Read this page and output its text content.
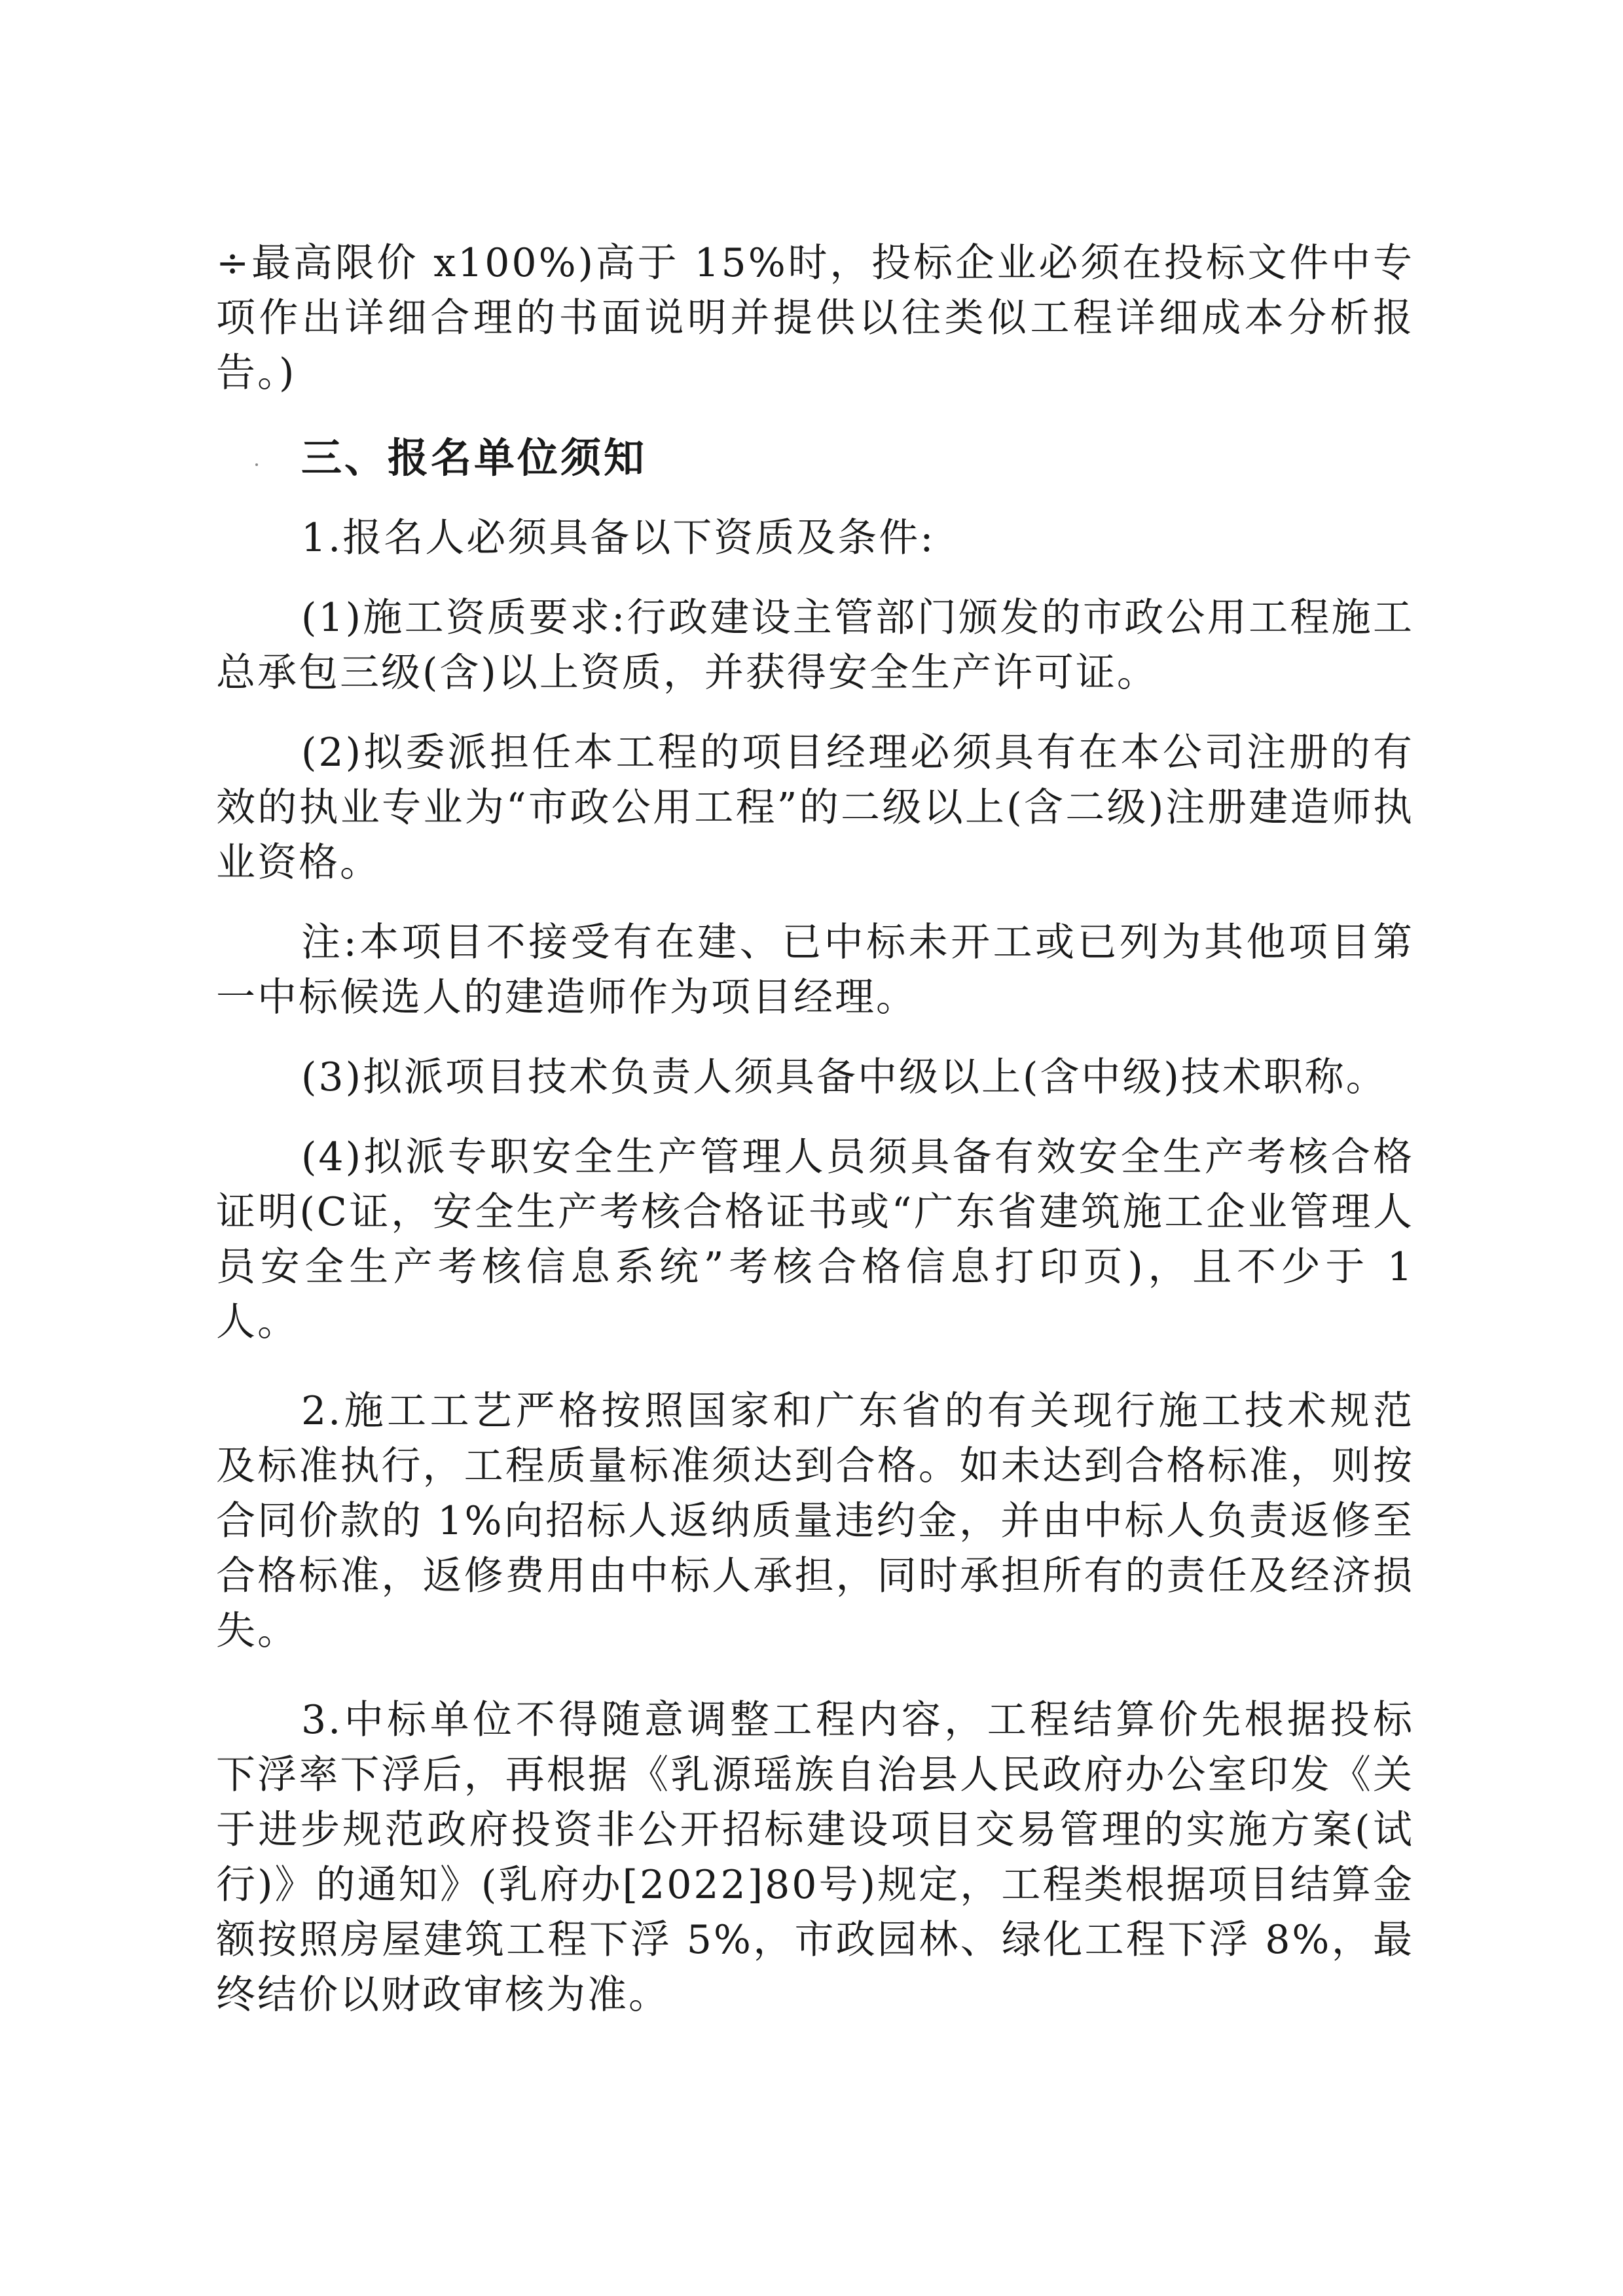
÷最高限价 x100%)高于 15%时，投标企业必须在投标文件中专项作出详细合理的书面说明并提供以往类似工程详细成本分析报告。)

三、报名单位须知

1.报名人必须具备以下资质及条件:

(1)施工资质要求:行政建设主管部门颁发的市政公用工程施工总承包三级(含)以上资质，并获得安全生产许可证。

(2)拟委派担任本工程的项目经理必须具有在本公司注册的有效的执业专业为“市政公用工程”的二级以上(含二级)注册建造师执业资格。

注:本项目不接受有在建、已中标未开工或已列为其他项目第一中标候选人的建造师作为项目经理。

(3)拟派项目技术负责人须具备中级以上(含中级)技术职称。

(4)拟派专职安全生产管理人员须具备有效安全生产考核合格证明(C证，安全生产考核合格证书或“广东省建筑施工企业管理人员安全生产考核信息系统”考核合格信息打印页)，且不少于 1 人。

2.施工工艺严格按照国家和广东省的有关现行施工技术规范及标准执行，工程质量标准须达到合格。如未达到合格标准，则按合同价款的 1%向招标人返纳质量违约金，并由中标人负责返修至合格标准，返修费用由中标人承担，同时承担所有的责任及经济损失。

3.中标单位不得随意调整工程内容，工程结算价先根据投标下浮率下浮后，再根据《乳源瑶族自治县人民政府办公室印发《关于进步规范政府投资非公开招标建设项目交易管理的实施方案(试行)》的通知》(乳府办[2022]80号)规定，工程类根据项目结算金额按照房屋建筑工程下浮 5%，市政园林、绿化工程下浮 8%，最终结价以财政审核为准。
